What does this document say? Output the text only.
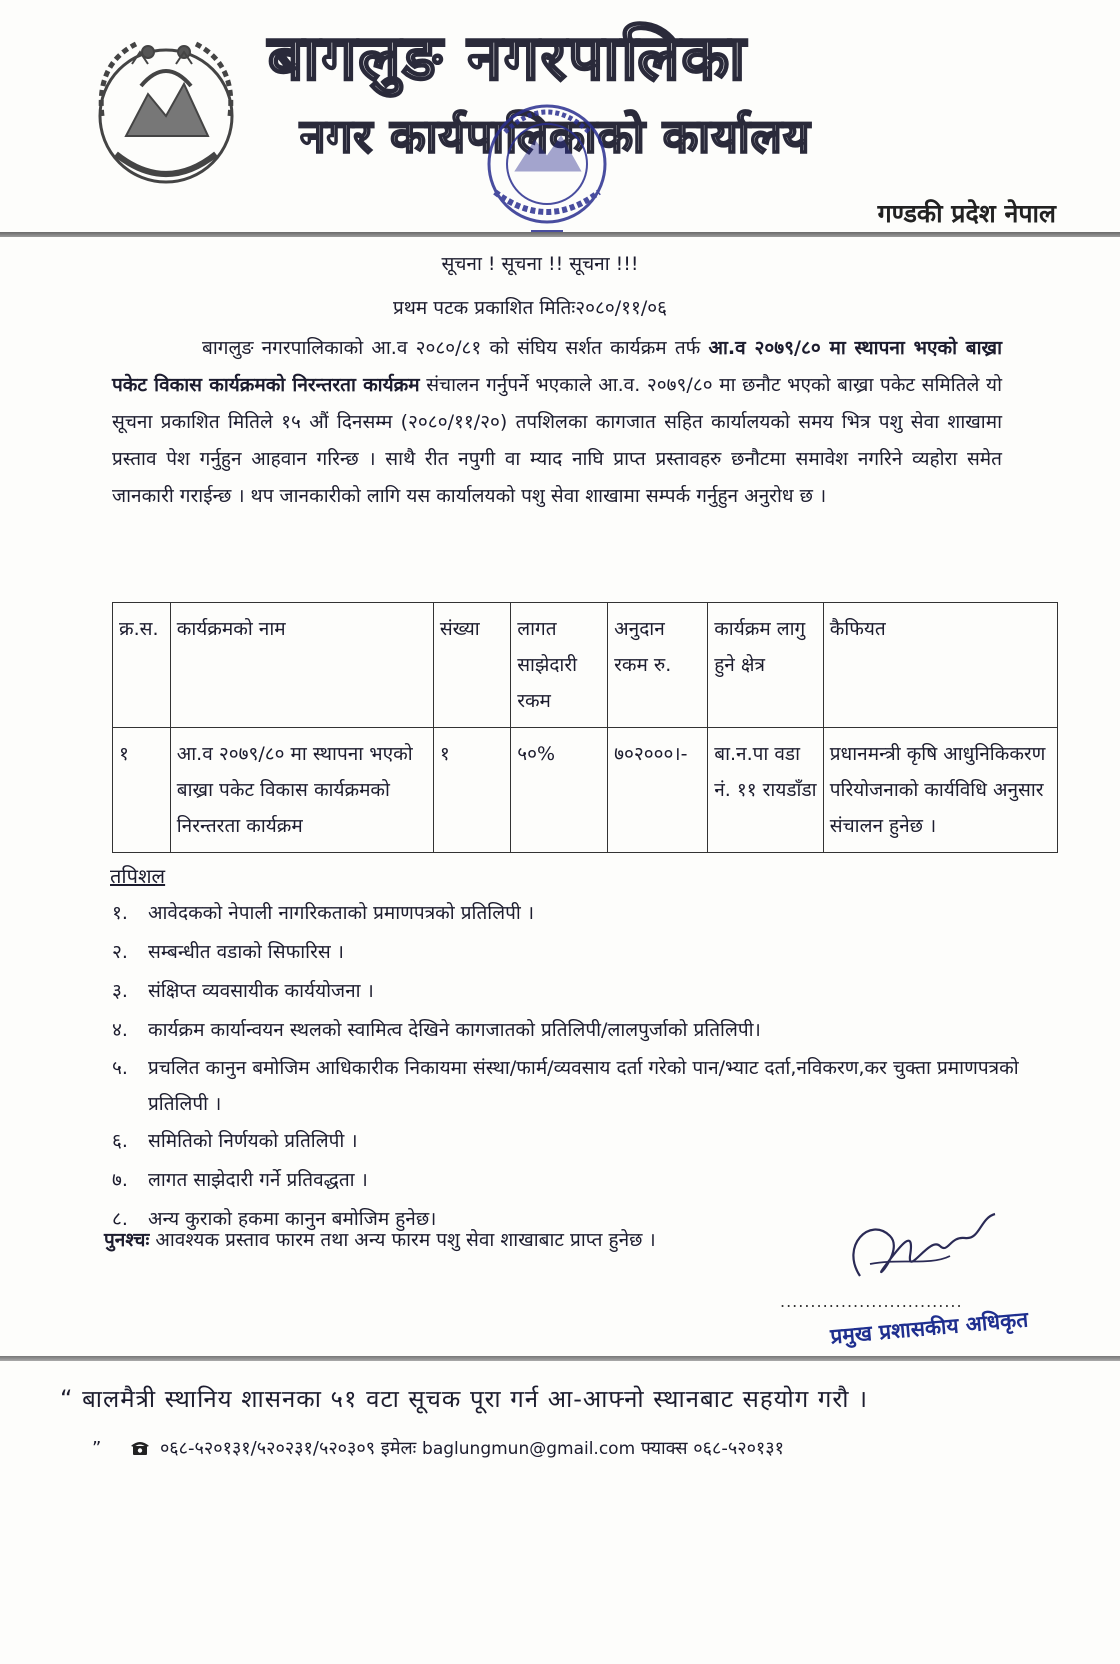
बागलुङ नगरपालिका
नगर कार्यपालिकाको कार्यालय
गण्डकी प्रदेश नेपाल
सूचना ! सूचना !! सूचना !!!
प्रथम पटक प्रकाशित मितिः२०८०/११/०६

बागलुङ नगरपालिकाको आ.व २०८०/८१ को संघिय सर्शत कार्यक्रम तर्फ आ.व २०७९/८० मा स्थापना भएको बाख्रा पकेट विकास कार्यक्रमको निरन्तरता कार्यक्रम संचालन गर्नुपर्ने भएकाले आ.व. २०७९/८० मा छनौट भएको बाख्रा पकेट समितिले यो सूचना प्रकाशित मितिले १५ औं दिनसम्म (२०८०/११/२०) तपशिलका कागजात सहित कार्यालयको समय भित्र पशु सेवा शाखामा प्रस्ताव पेश गर्नुहुन आहवान गरिन्छ । साथै रीत नपुगी वा म्याद नाघि प्राप्त प्रस्तावहरु छनौटमा समावेश नगरिने व्यहोरा समेत जानकारी गराईन्छ । थप जानकारीको लागि यस कार्यालयको पशु सेवा शाखामा सम्पर्क गर्नुहुन अनुरोध छ ।

क्र.स.	कार्यक्रमको नाम	संख्या	लागत साझेदारी रकम	अनुदान रकम रु.	कार्यक्रम लागु हुने क्षेत्र	कैफियत
१	आ.व २०७९/८० मा स्थापना भएको बाख्रा पकेट विकास कार्यक्रमको निरन्तरता कार्यक्रम	१	५०%	७०२०००।-	बा.न.पा वडा नं. ११ रायडाँडा	प्रधानमन्त्री कृषि आधुनिकिकरण परियोजनाको कार्यविधि अनुसार संचालन हुनेछ ।
तपिशल
१. आवेदकको नेपाली नागरिकताको प्रमाणपत्रको प्रतिलिपी ।
२. सम्बन्धीत वडाको सिफारिस ।
३. संक्षिप्त व्यवसायीक कार्ययोजना ।
४. कार्यक्रम कार्यान्वयन स्थलको स्वामित्व देखिने कागजातको प्रतिलिपी/लालपुर्जाको प्रतिलिपी।
५. प्रचलित कानुन बमोजिम आधिकारीक निकायमा संस्था/फार्म/व्यवसाय दर्ता गरेको पान/भ्याट दर्ता,नविकरण,कर चुक्ता प्रमाणपत्रको प्रतिलिपी ।
६. समितिको निर्णयको प्रतिलिपी ।
७. लागत साझेदारी गर्ने प्रतिवद्धता ।
८. अन्य कुराको हकमा कानुन बमोजिम हुनेछ।
पुनश्चः आवश्यक प्रस्ताव फारम तथा अन्य फारम पशु सेवा शाखाबाट प्राप्त हुनेछ ।
..............................
प्रमुख प्रशासकीय अधिकृत
“ बालमैत्री स्थानिय शासनका ५१ वटा सूचक पूरा गर्न आ-आफ्नो स्थानबाट सहयोग गरौ ।
”	०६८-५२०१३१/५२०२३१/५२०३०९ इमेलः baglungmun@gmail.com फ्याक्स ०६८-५२०१३१
